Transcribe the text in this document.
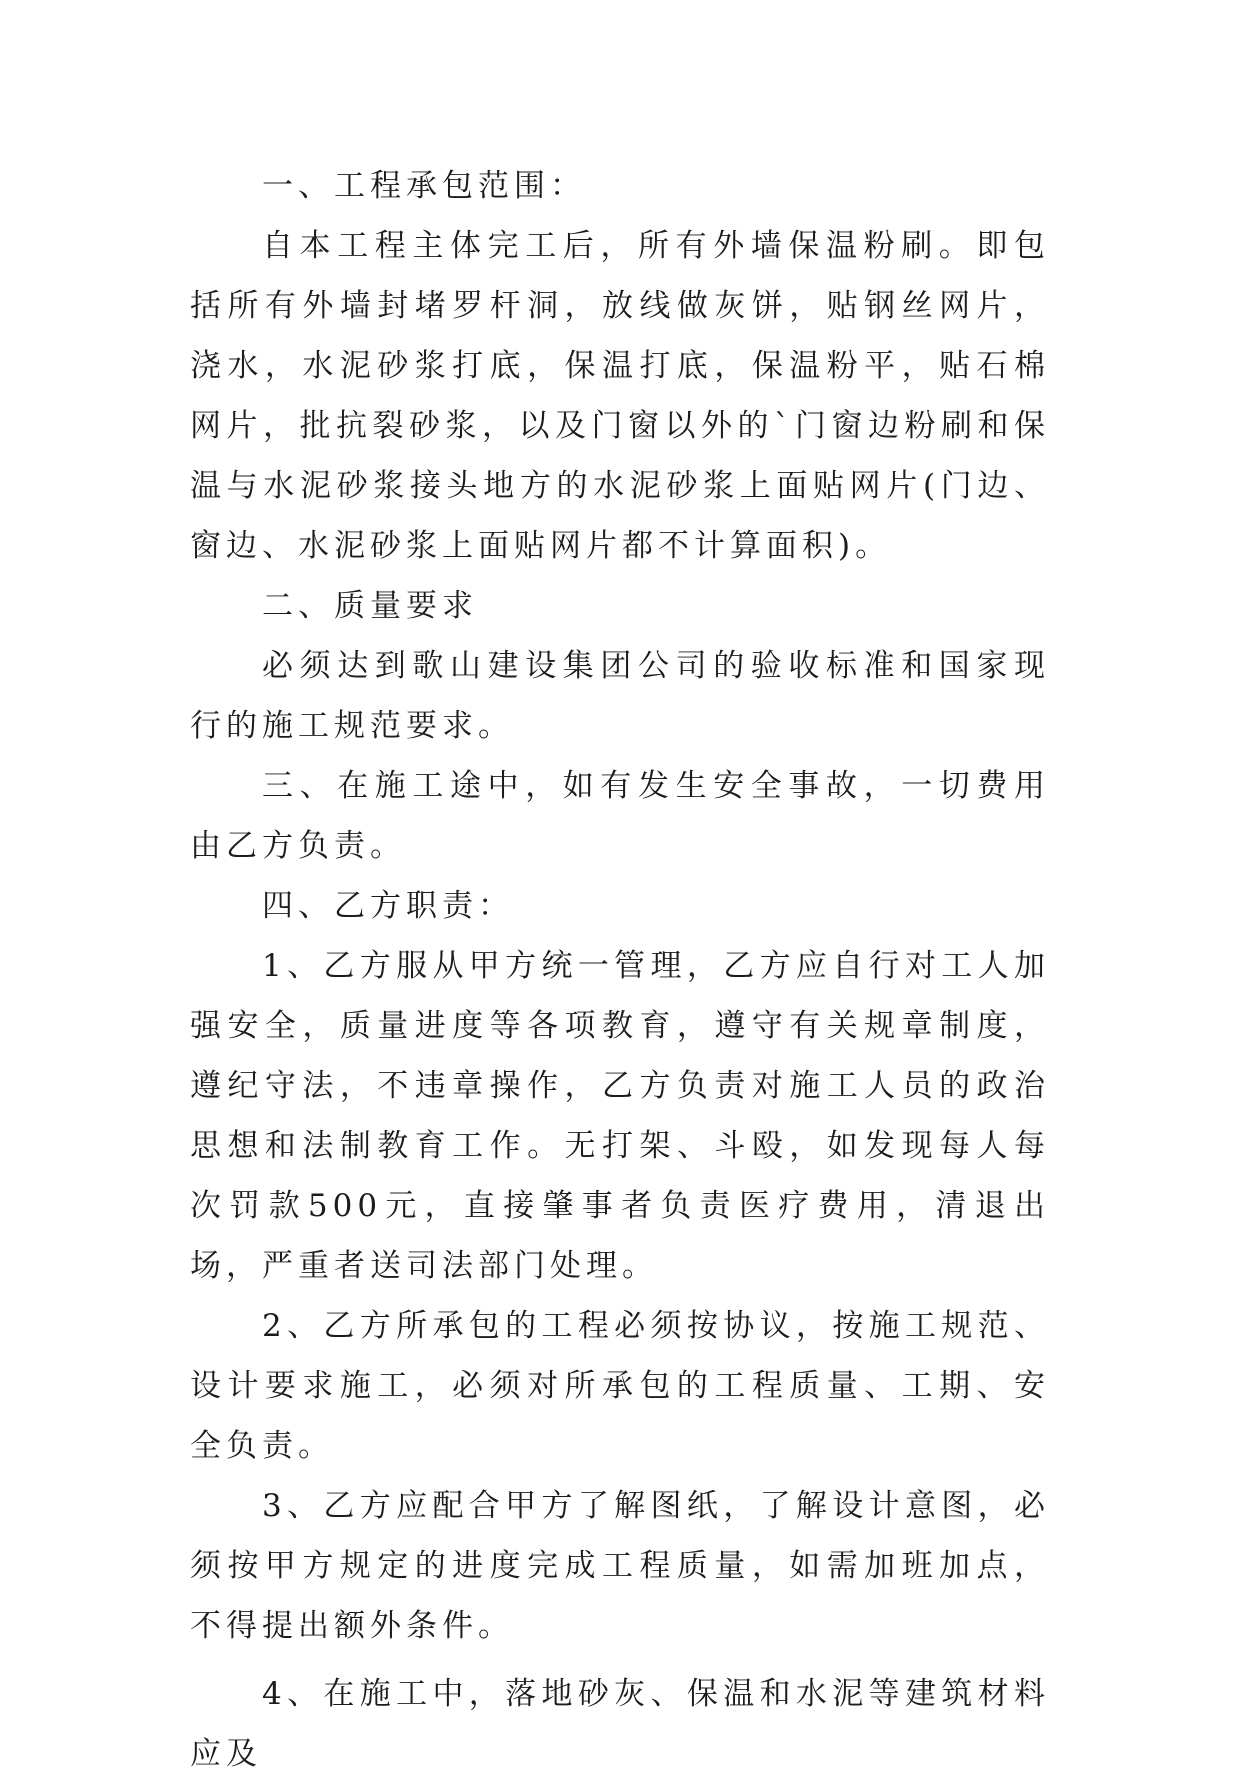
一、工程承包范围：

自本工程主体完工后，所有外墙保温粉刷。即包括所有外墙封堵罗杆洞，放线做灰饼，贴钢丝网片，浇水，水泥砂浆打底，保温打底，保温粉平，贴石棉网片，批抗裂砂浆，以及门窗以外的`门窗边粉刷和保温与水泥砂浆接头地方的水泥砂浆上面贴网片(门边、窗边、水泥砂浆上面贴网片都不计算面积)。

二、质量要求

必须达到歌山建设集团公司的验收标准和国家现行的施工规范要求。

三、在施工途中，如有发生安全事故，一切费用由乙方负责。

四、乙方职责：

1、乙方服从甲方统一管理，乙方应自行对工人加强安全，质量进度等各项教育，遵守有关规章制度，遵纪守法，不违章操作，乙方负责对施工人员的政治思想和法制教育工作。无打架、斗殴，如发现每人每次罚款500元，直接肇事者负责医疗费用，清退出场，严重者送司法部门处理。

2、乙方所承包的工程必须按协议，按施工规范、设计要求施工，必须对所承包的工程质量、工期、安全负责。

3、乙方应配合甲方了解图纸，了解设计意图，必须按甲方规定的进度完成工程质量，如需加班加点，不得提出额外条件。

4、在施工中，落地砂灰、保温和水泥等建筑材料应及
